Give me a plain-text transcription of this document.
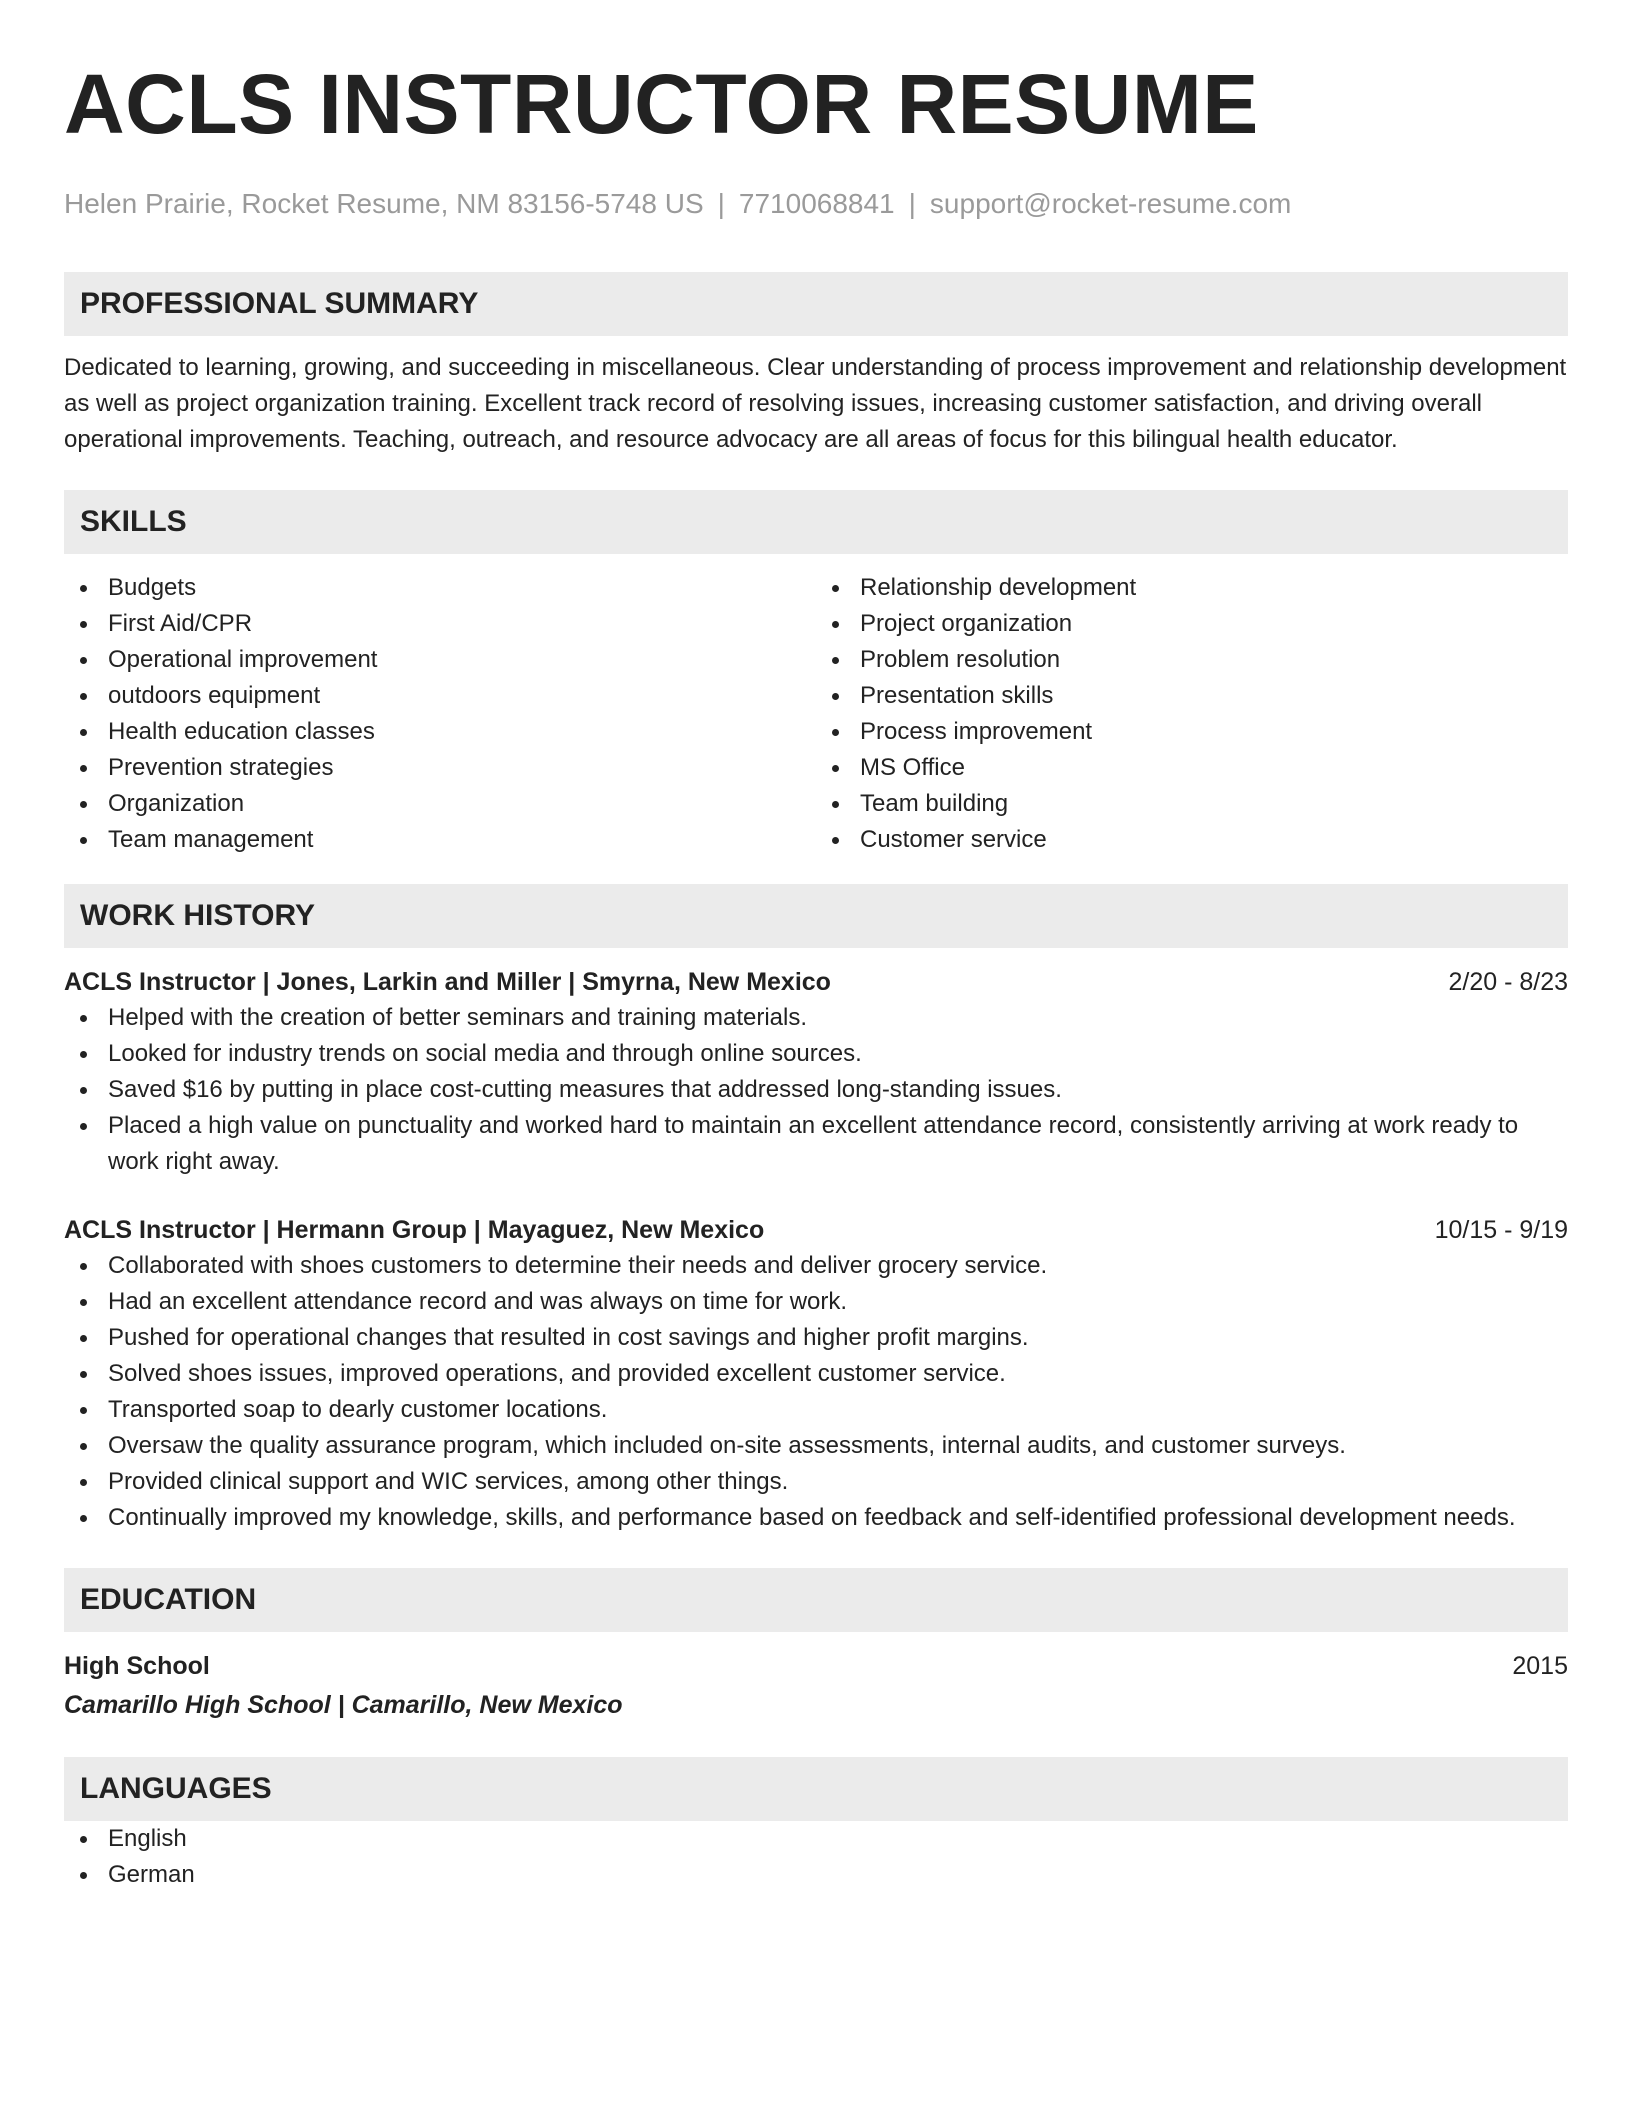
ACLS INSTRUCTOR RESUME
Helen Prairie, Rocket Resume, NM 83156-5748 US | 7710068841 | support@rocket-resume.com
PROFESSIONAL SUMMARY
Dedicated to learning, growing, and succeeding in miscellaneous. Clear understanding of process improvement and relationship development as well as project organization training. Excellent track record of resolving issues, increasing customer satisfaction, and driving overall operational improvements. Teaching, outreach, and resource advocacy are all areas of focus for this bilingual health educator.
SKILLS
Budgets
First Aid/CPR
Operational improvement
outdoors equipment
Health education classes
Prevention strategies
Organization
Team management
Relationship development
Project organization
Problem resolution
Presentation skills
Process improvement
MS Office
Team building
Customer service
WORK HISTORY
ACLS Instructor | Jones, Larkin and Miller | Smyrna, New Mexico	2/20 - 8/23
Helped with the creation of better seminars and training materials.
Looked for industry trends on social media and through online sources.
Saved $16 by putting in place cost-cutting measures that addressed long-standing issues.
Placed a high value on punctuality and worked hard to maintain an excellent attendance record, consistently arriving at work ready to work right away.
ACLS Instructor | Hermann Group | Mayaguez, New Mexico	10/15 - 9/19
Collaborated with shoes customers to determine their needs and deliver grocery service.
Had an excellent attendance record and was always on time for work.
Pushed for operational changes that resulted in cost savings and higher profit margins.
Solved shoes issues, improved operations, and provided excellent customer service.
Transported soap to dearly customer locations.
Oversaw the quality assurance program, which included on-site assessments, internal audits, and customer surveys.
Provided clinical support and WIC services, among other things.
Continually improved my knowledge, skills, and performance based on feedback and self-identified professional development needs.
EDUCATION
High School	2015
Camarillo High School | Camarillo, New Mexico
LANGUAGES
English
German
